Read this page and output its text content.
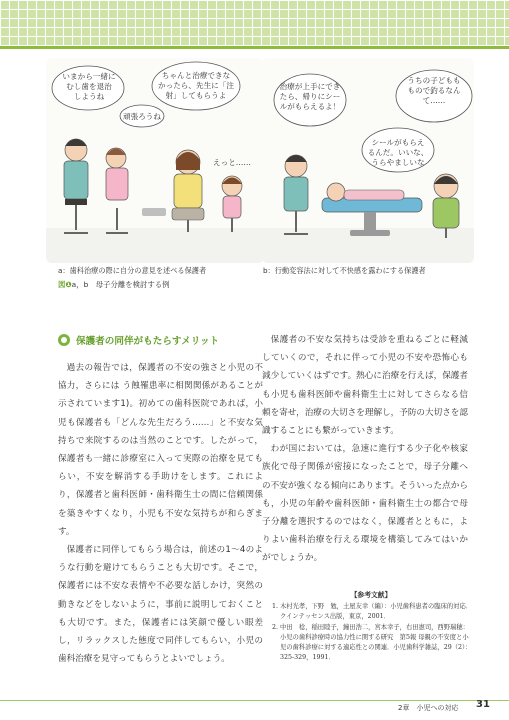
いまから一緒に
むし歯を退治
しようね
頑張ろうね
ちゃんと治療できな
かったら、先生に「注
射」してもらうよ
えっと……
治療が上手にでき
たら、帰りにシー
ルがもらえるよ！
うちの子どもも
もので釣るなん
て……
シールがもらえ
るんだ。いいな、
うらやましいな
a：歯科治療の際に自分の意見を述べる保護者	b：行動変容法に対して不快感を露わにする保護者
図❶a，b　母子分離を検討する例
保護者の同伴がもたらすメリット

過去の報告では，保護者の不安の強さと小児の不協力，さらには う蝕罹患率に相関関係があることが示されています1)。初めての歯科医院であれば，小児も保護者も「どんな先生だろう……」と不安な気持ちで来院するのは当然のことです。したがって，保護者も一緒に診療室に入って実際の治療を見てもらい，不安を解消する手助けをします。これにより，保護者と歯科医師・歯科衛生士の間に信頼関係を築きやすくなり，小児も不安な気持ちが和らぎます。

保護者に同伴してもらう場合は，前述の1〜4のような行動を避けてもらうことも大切です。そこで，保護者には不安な表情や不必要な話しかけ，突然の動きなどをしないように，事前に説明しておくことも大切です。また，保護者には笑顔で優しい眼差し，リラックスした態度で同伴してもらい，小児の歯科治療を見守ってもらうとよいでしょう。

保護者の不安な気持ちは受診を重ねるごとに軽減していくので，それに伴って小児の不安や恐怖心も減少していくはずです。熱心に治療を行えば，保護者も小児も歯科医師や歯科衛生士に対してさらなる信頼を寄せ，治療の大切さを理解し，予防の大切さを認識することにも繋がっていきます。

わが国においては，急速に進行する少子化や核家族化で母子関係が密接になったことで，母子分離への不安が強くなる傾向にあります。そういった点からも，小児の年齢や歯科医師・歯科衛生士の都合で母子分離を選択するのではなく，保護者とともに，よりよい歯科治療を行える環境を構築してみてはいかがでしょうか。

【参考文献】
1. 木村光孝，下野　勉，土屋友幸（編）：小児歯科患者の臨床的対応．クインテッセンス出版，東京，2001．
2. 中田　稔，稲田睦子，鐘田浩二，宮本幸子，右田憲司，西野瑞穂：小児の歯科診療時の協力性に関する研究　第5報 母親の不安度と小児の歯科診療に対する適応性との関連．小児歯科学雑誌，29（2）：325-329，1991．
2章　小児への対応 31
